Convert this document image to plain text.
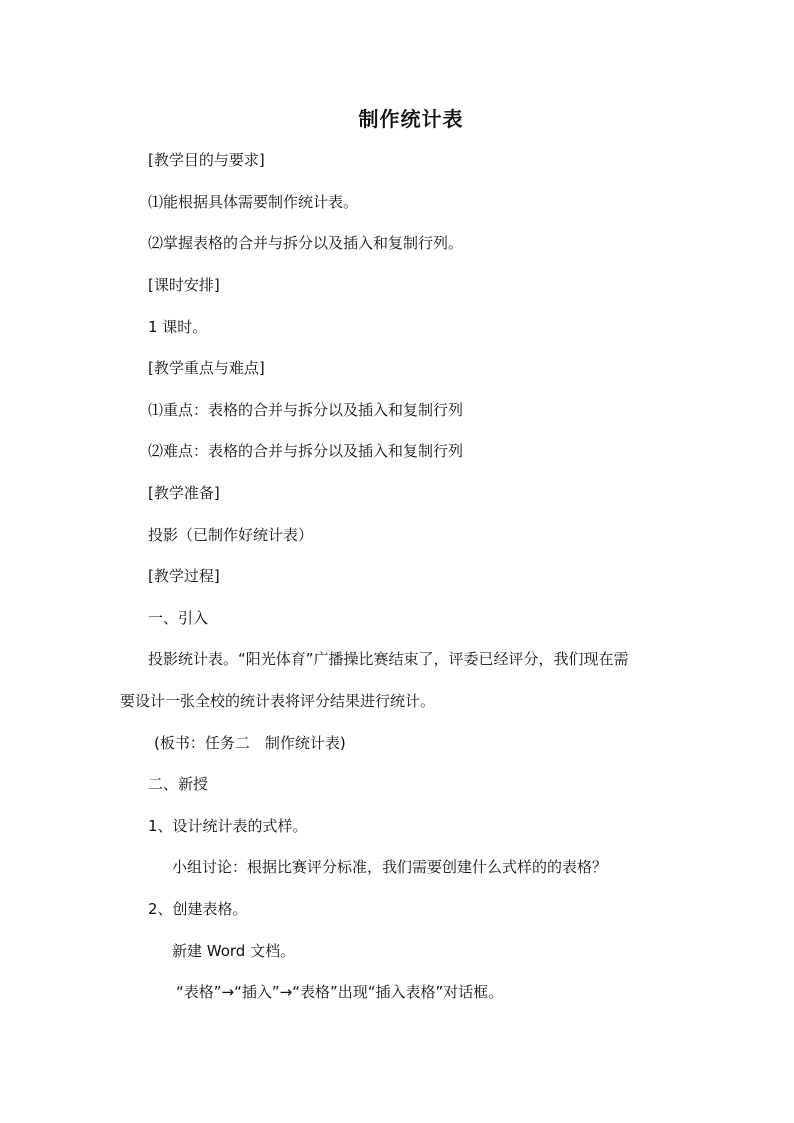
制作统计表
[教学目的与要求]
⑴能根据具体需要制作统计表。
⑵掌握表格的合并与拆分以及插入和复制行列。
[课时安排]
1 课时。
[教学重点与难点]
⑴重点：表格的合并与拆分以及插入和复制行列
⑵难点：表格的合并与拆分以及插入和复制行列
[教学准备]
投影（已制作好统计表）
[教学过程]
一、引入
投影统计表。“阳光体育”广播操比赛结束了，评委已经评分，我们现在需
要设计一张全校的统计表将评分结果进行统计。
(板书：任务二　制作统计表)
二、新授
1、设计统计表的式样。
小组讨论：根据比赛评分标准，我们需要创建什么式样的的表格？
2、创建表格。
新建 Word 文档。
“表格”→“插入”→“表格”出现“插入表格”对话框。
